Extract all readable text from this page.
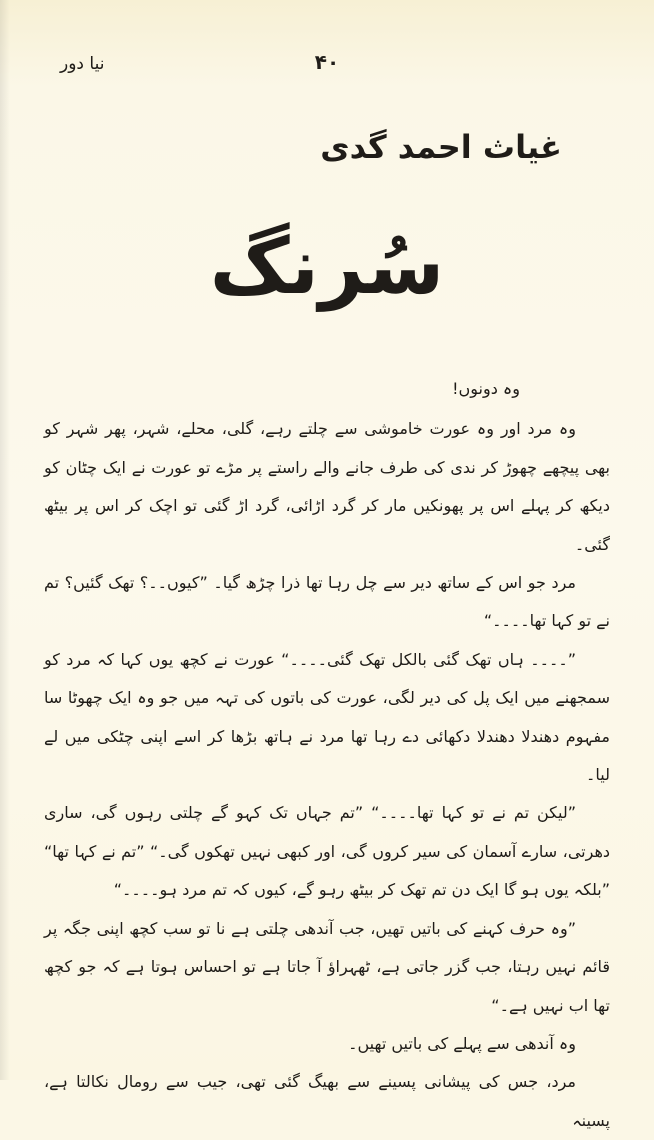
۴۰
نیا دور
غیاث احمد گدی
سُرنگ

وہ دونوں!

وہ مرد اور وہ عورت خاموشی سے چلتے رہے، گلی، محلے، شہر، پھر شہر کو بھی پیچھے چھوڑ کر ندی کی طرف جانے والے راستے پر مڑے تو عورت نے ایک چٹان کو دیکھ کر پہلے اس پر پھونکیں مار کر گرد اڑائی، گرد اڑ گئی تو اچک کر اس پر بیٹھ گئی۔

مرد جو اس کے ساتھ دیر سے چل رہا تھا ذرا چڑھ گیا۔ ”کیوں۔۔؟ تھک گئیں؟ تم نے تو کہا تھا۔۔۔۔“

”۔۔۔۔ ہاں تھک گئی بالکل تھک گئی۔۔۔۔“ عورت نے کچھ یوں کہا کہ مرد کو سمجھنے میں ایک پل کی دیر لگی، عورت کی باتوں کی تہہ میں جو وہ ایک چھوٹا سا مفہوم دھندلا دھندلا دکھائی دے رہا تھا مرد نے ہاتھ بڑھا کر اسے اپنی چٹکی میں لے لیا۔

”لیکن تم نے تو کہا تھا۔۔۔۔“ ”تم جہاں تک کہو گے چلتی رہوں گی، ساری دھرتی، سارے آسمان کی سیر کروں گی، اور کبھی نہیں تھکوں گی۔“ ”تم نے کہا تھا“ ”بلکہ یوں ہو گا ایک دن تم تھک کر بیٹھ رہو گے، کیوں کہ تم مرد ہو۔۔۔۔“

”وہ حرف کہنے کی باتیں تھیں، جب آندھی چلتی ہے نا تو سب کچھ اپنی جگہ پر قائم نہیں رہتا، جب گزر جاتی ہے، ٹھہراؤ آ جاتا ہے تو احساس ہوتا ہے کہ جو کچھ تھا اب نہیں ہے۔“

وہ آندھی سے پہلے کی باتیں تھیں۔

مرد، جس کی پیشانی پسینے سے بھیگ گئی تھی، جیب سے رومال نکالتا ہے، پسینہ
